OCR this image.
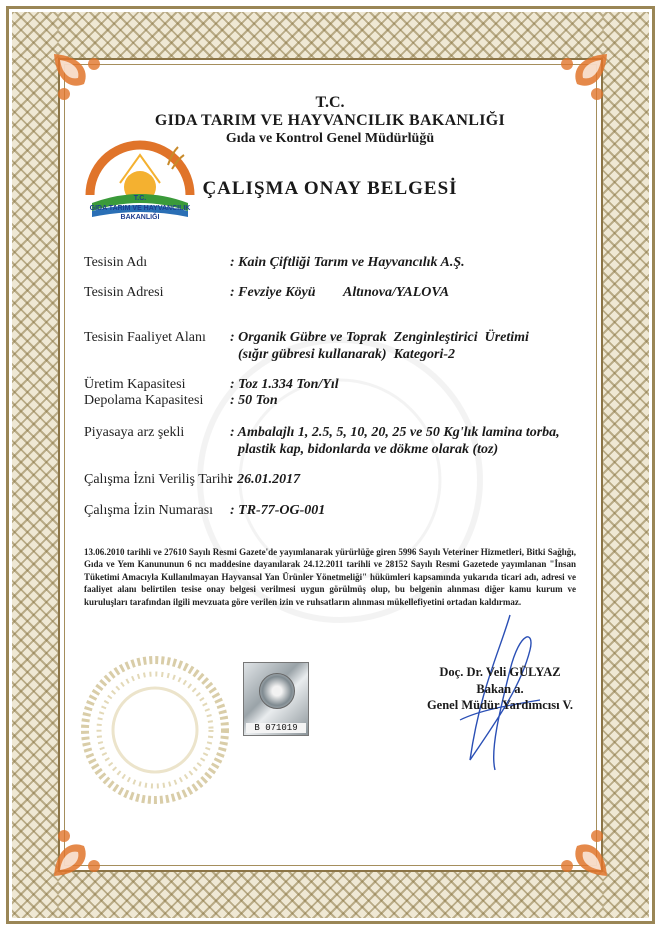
T.C.
GIDA TARIM VE HAYVANCILIK
BAKANLIĞI
T.C.
GIDA TARIM VE HAYVANCILIK BAKANLIĞI
Gıda ve Kontrol Genel Müdürlüğü
ÇALIŞMA ONAY BELGESİ
Tesisin Adı	: Kain Çiftliği Tarım ve Hayvancılık A.Ş.
Tesisin Adresi	: Fevziye Köyü        Altınova/YALOVA
Tesisin Faaliyet Alanı : Organik Gübre ve Toprak  Zenginleştirici  Üretimi
(sığır gübresi kullanarak)  Kategori-2
Üretim Kapasitesi	: Toz 1.334 Ton/Yıl
Depolama Kapasitesi : 50 Ton
Piyasaya arz şekli	: Ambalajlı 1, 2.5, 5, 10, 20, 25 ve 50 Kg'lık lamina torba,
plastik kap, bidonlarda ve dökme olarak (toz)
Çalışma İzni Veriliş Tarihi
: 26.01.2017
Çalışma İzin Numarası : TR-77-OG-001
13.06.2010 tarihli ve 27610 Sayılı Resmi Gazete'de yayımlanarak yürürlüğe giren 5996 Sayılı Veteriner Hizmetleri, Bitki Sağlığı, Gıda ve Yem Kanununun 6 ncı maddesine dayanılarak 24.12.2011 tarihli ve 28152 Sayılı Resmi Gazetede yayımlanan "İnsan Tüketimi Amacıyla Kullanılmayan Hayvansal Yan Ürünler Yönetmeliği" hükümleri kapsamında yukarıda ticari adı, adresi ve faaliyet alanı belirtilen tesise onay belgesi verilmesi uygun görülmüş olup, bu belgenin alınması diğer kamu kurum ve kuruluşları tarafından ilgili mevzuata göre verilen izin ve ruhsatların alınması mükellefiyetini ortadan kaldırmaz.
B 071019
Doç. Dr. Veli GÜLYAZ
Bakan a.
Genel Müdür Yardımcısı V.
